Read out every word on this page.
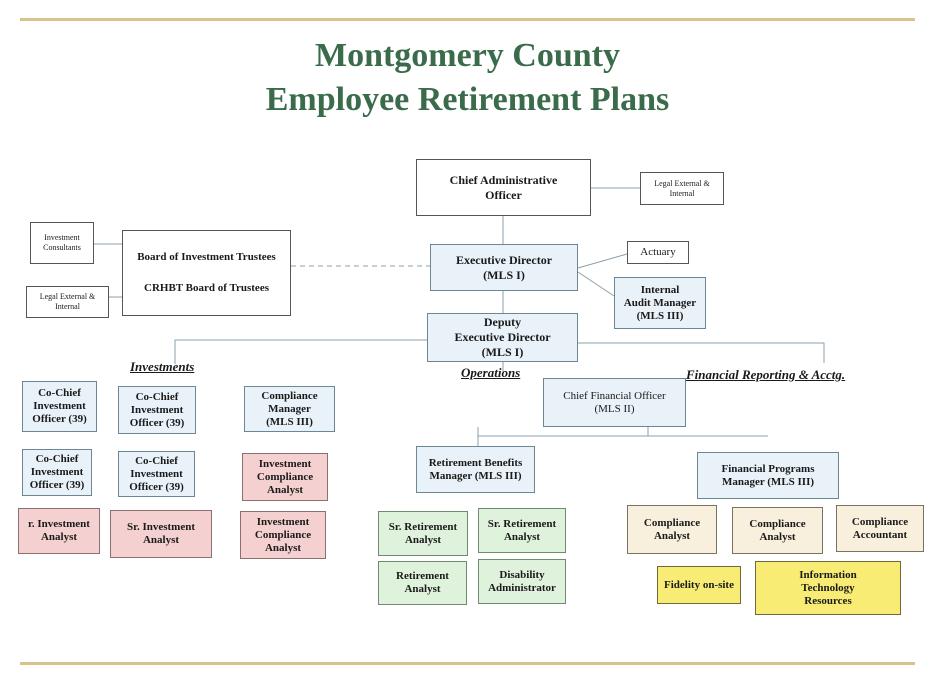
Montgomery County
Employee Retirement Plans
Chief Administrative
Officer
Legal External &
Internal
Executive Director
(MLS I)
Actuary
Internal
Audit Manager
(MLS III)
Investment
Consultants
Legal External &
Internal
Board of Investment Trustees
CRHBT Board of Trustees
Deputy
Executive Director
(MLS I)
Investments	Operations	Financial Reporting & Acctg.
Co-Chief
Investment
Officer (39)
Co-Chief
Investment
Officer (39)
Compliance
Manager
(MLS III)
Co-Chief
Investment
Officer (39)
Co-Chief
Investment
Officer (39)
Investment
Compliance
Analyst
r. Investment
Analyst
Sr. Investment
Analyst
Investment
Compliance
Analyst
Chief Financial Officer
(MLS II)
Retirement Benefits
Manager (MLS III)
Financial Programs
Manager (MLS III)
Sr. Retirement
Analyst
Sr. Retirement
Analyst
Retirement
Analyst
Disability
Administrator
Compliance
Analyst
Compliance
Analyst
Compliance
Accountant
Fidelity on-site
Information
Technology
Resources
